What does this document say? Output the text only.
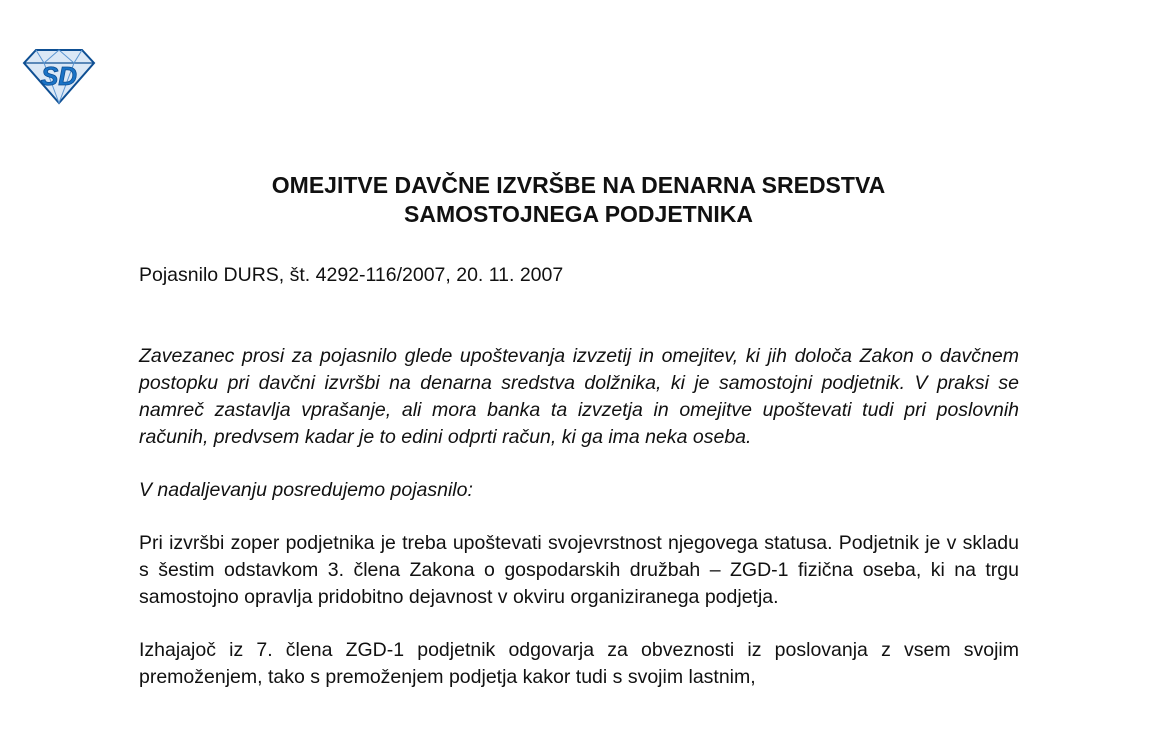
SD
OMEJITVE DAVČNE IZVRŠBE NA DENARNA SREDSTVA
SAMOSTOJNEGA PODJETNIKA
Pojasnilo DURS, št. 4292-116/2007, 20. 11. 2007
Zavezanec prosi za pojasnilo glede upoštevanja izvzetij in omejitev, ki jih določa Zakon o davčnem postopku pri davčni izvršbi na denarna sredstva dolžnika, ki je samostojni podjetnik. V praksi se namreč zastavlja vprašanje, ali mora banka ta izvzetja in omejitve upoštevati tudi pri poslovnih računih, predvsem kadar je to edini odprti račun, ki ga ima neka oseba.
V nadaljevanju posredujemo pojasnilo:
Pri izvršbi zoper podjetnika je treba upoštevati svojevrstnost njegovega statusa. Podjetnik je v skladu s šestim odstavkom 3. člena Zakona o gospodarskih družbah – ZGD-1 fizična oseba, ki na trgu samostojno opravlja pridobitno dejavnost v okviru organiziranega podjetja.
Izhajajoč iz 7. člena ZGD-1 podjetnik odgovarja za obveznosti iz poslovanja z vsem svojim premoženjem, tako s premoženjem podjetja kakor tudi s svojim lastnim,
